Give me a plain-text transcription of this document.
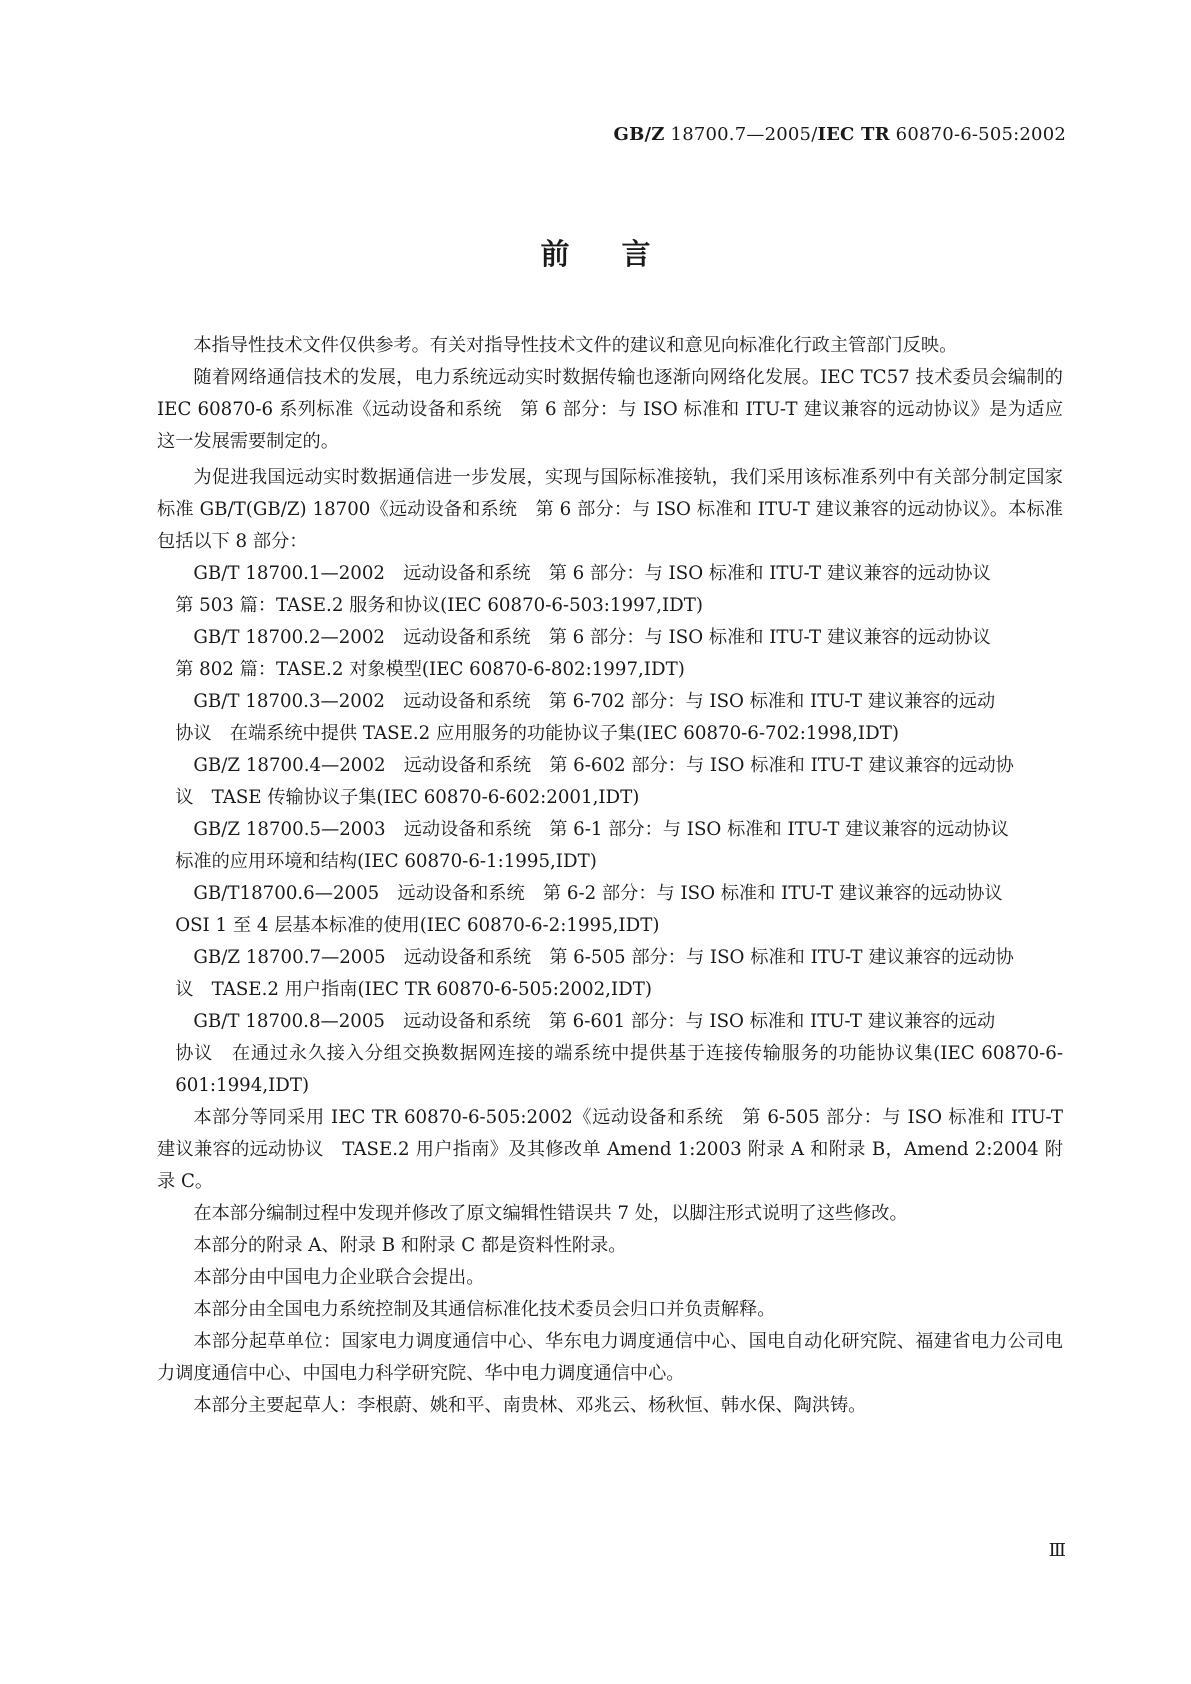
GB/Z 18700.7—2005/IEC TR 60870-6-505:2002
前言

本指导性技术文件仅供参考。有关对指导性技术文件的建议和意见向标准化行政主管部门反映。

随着网络通信技术的发展，电力系统远动实时数据传输也逐渐向网络化发展。IEC TC57 技术委员会编制的 IEC 60870-6 系列标准《远动设备和系统　第 6 部分：与 ISO 标准和 ITU-T 建议兼容的远动协议》是为适应这一发展需要制定的。

为促进我国远动实时数据通信进一步发展，实现与国际标准接轨，我们采用该标准系列中有关部分制定国家标准 GB/T(GB/Z) 18700《远动设备和系统　第 6 部分：与 ISO 标准和 ITU-T 建议兼容的远动协议》。本标准包括以下 8 部分：

GB/T 18700.1—2002　远动设备和系统　第 6 部分：与 ISO 标准和 ITU-T 建议兼容的远动协议
第 503 篇：TASE.2 服务和协议(IEC 60870-6-503:1997,IDT)
GB/T 18700.2—2002　远动设备和系统　第 6 部分：与 ISO 标准和 ITU-T 建议兼容的远动协议
第 802 篇：TASE.2 对象模型(IEC 60870-6-802:1997,IDT)
GB/T 18700.3—2002　远动设备和系统　第 6-702 部分：与 ISO 标准和 ITU-T 建议兼容的远动
协议　在端系统中提供 TASE.2 应用服务的功能协议子集(IEC 60870-6-702:1998,IDT)
GB/Z 18700.4—2002　远动设备和系统　第 6-602 部分：与 ISO 标准和 ITU-T 建议兼容的远动协
议　TASE 传输协议子集(IEC 60870-6-602:2001,IDT)
GB/Z 18700.5—2003　远动设备和系统　第 6-1 部分：与 ISO 标准和 ITU-T 建议兼容的远动协议
标准的应用环境和结构(IEC 60870-6-1:1995,IDT)
GB/T18700.6—2005　远动设备和系统　第 6-2 部分：与 ISO 标准和 ITU-T 建议兼容的远动协议
OSI 1 至 4 层基本标准的使用(IEC 60870-6-2:1995,IDT)
GB/Z 18700.7—2005　远动设备和系统　第 6-505 部分：与 ISO 标准和 ITU-T 建议兼容的远动协
议　TASE.2 用户指南(IEC TR 60870-6-505:2002,IDT)
GB/T 18700.8—2005　远动设备和系统　第 6-601 部分：与 ISO 标准和 ITU-T 建议兼容的远动
协议　在通过永久接入分组交换数据网连接的端系统中提供基于连接传输服务的功能协议集(IEC 60870-6-601:1994,IDT)

本部分等同采用 IEC TR 60870-6-505:2002《远动设备和系统　第 6-505 部分：与 ISO 标准和 ITU-T 建议兼容的远动协议　TASE.2 用户指南》及其修改单 Amend 1:2003 附录 A 和附录 B，Amend 2:2004 附录 C。

在本部分编制过程中发现并修改了原文编辑性错误共 7 处，以脚注形式说明了这些修改。

本部分的附录 A、附录 B 和附录 C 都是资料性附录。

本部分由中国电力企业联合会提出。

本部分由全国电力系统控制及其通信标准化技术委员会归口并负责解释。

本部分起草单位：国家电力调度通信中心、华东电力调度通信中心、国电自动化研究院、福建省电力公司电力调度通信中心、中国电力科学研究院、华中电力调度通信中心。

本部分主要起草人：李根蔚、姚和平、南贵林、邓兆云、杨秋恒、韩水保、陶洪铸。

Ⅲ
